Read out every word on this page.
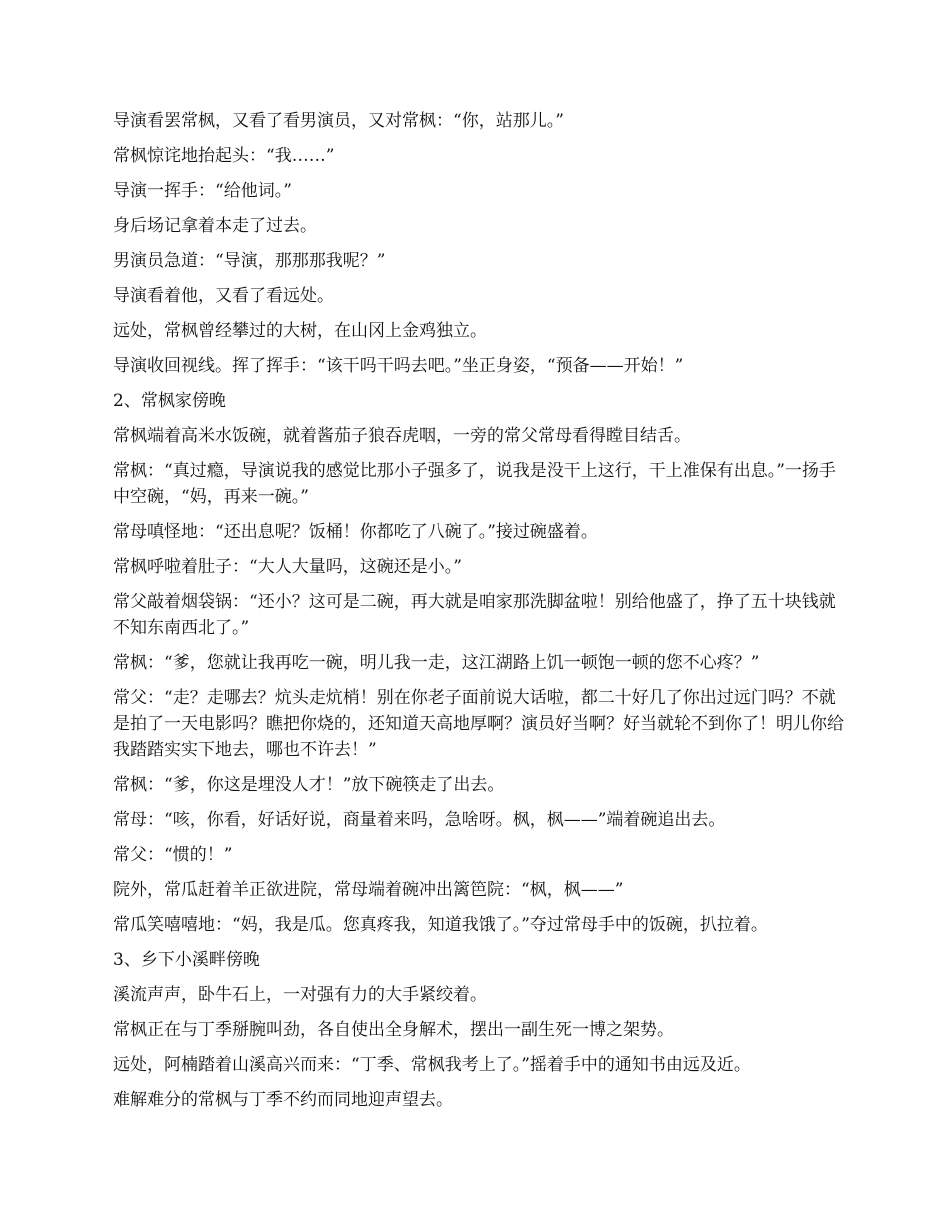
导演看罢常枫，又看了看男演员，又对常枫：“你，站那儿。”

常枫惊诧地抬起头：“我……”

导演一挥手：“给他词。”

身后场记拿着本走了过去。

男演员急道：“导演，那那那我呢？”

导演看着他，又看了看远处。

远处，常枫曾经攀过的大树，在山冈上金鸡独立。

导演收回视线。挥了挥手：“该干吗干吗去吧。”坐正身姿，“预备——开始！”

2、常枫家傍晚

常枫端着高米水饭碗，就着酱茄子狼吞虎咽，一旁的常父常母看得瞠目结舌。

常枫：“真过瘾，导演说我的感觉比那小子强多了，说我是没干上这行，干上准保有出息。”一扬手中空碗，“妈，再来一碗。”

常母嗔怪地：“还出息呢？饭桶！你都吃了八碗了。”接过碗盛着。

常枫呼啦着肚子：“大人大量吗，这碗还是小。”

常父敲着烟袋锅：“还小？这可是二碗，再大就是咱家那洗脚盆啦！别给他盛了，挣了五十块钱就不知东南西北了。”

常枫：“爹，您就让我再吃一碗，明儿我一走，这江湖路上饥一顿饱一顿的您不心疼？”

常父：“走？走哪去？炕头走炕梢！别在你老子面前说大话啦，都二十好几了你出过远门吗？不就是拍了一天电影吗？瞧把你烧的，还知道天高地厚啊？演员好当啊？好当就轮不到你了！明儿你给我踏踏实实下地去，哪也不许去！”

常枫：“爹，你这是埋没人才！”放下碗筷走了出去。

常母：“咳，你看，好话好说，商量着来吗，急啥呀。枫，枫——”端着碗追出去。

常父：“惯的！”

院外，常瓜赶着羊正欲进院，常母端着碗冲出篱笆院：“枫，枫——”

常瓜笑嘻嘻地：“妈，我是瓜。您真疼我，知道我饿了。”夺过常母手中的饭碗，扒拉着。

3、乡下小溪畔傍晚

溪流声声，卧牛石上，一对强有力的大手紧绞着。

常枫正在与丁季掰腕叫劲，各自使出全身解术，摆出一副生死一博之架势。

远处，阿楠踏着山溪高兴而来：“丁季、常枫我考上了。”摇着手中的通知书由远及近。

难解难分的常枫与丁季不约而同地迎声望去。
